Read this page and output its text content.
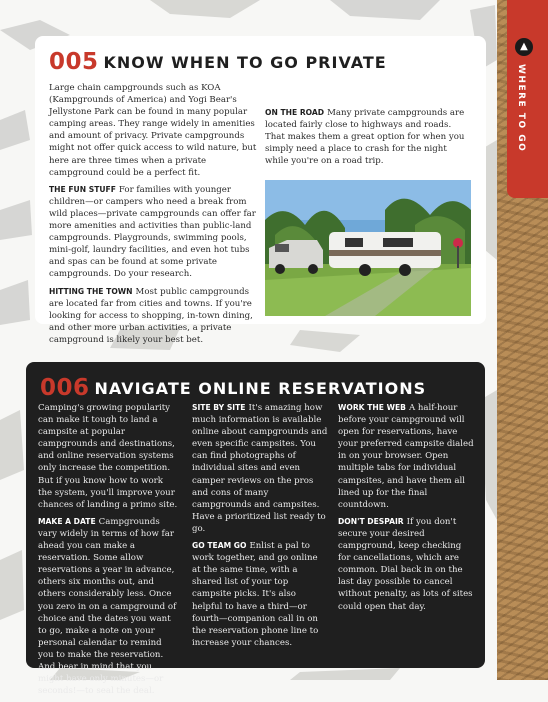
▲
WHERE TO GO
005 KNOW WHEN TO GO PRIVATE

Large chain campgrounds such as KOA (Kampgrounds of America) and Yogi Bear's Jellystone Park can be found in many popular camping areas. They range widely in amenities and amount of privacy. Private campgrounds might not offer quick access to wild nature, but here are three times when a private campground could be a perfect fit.

THE FUN STUFF For families with younger children—or campers who need a break from wild places—private campgrounds can offer far more amenities and activities than public-land campgrounds. Playgrounds, swimming pools, mini-golf, laundry facilities, and even hot tubs and spas can be found at some private campgrounds. Do your research.

HITTING THE TOWN Most public campgrounds are located far from cities and towns. If you're looking for access to shopping, in-town dining, and other more urban activities, a private campground is likely your best bet.

ON THE ROAD Many private campgrounds are located fairly close to highways and roads. That makes them a great option for when you simply need a place to crash for the night while you're on a road trip.

006 NAVIGATE ONLINE RESERVATIONS

Camping's growing popularity can make it tough to land a campsite at popular campgrounds and destinations, and online reservation systems only increase the competition. But if you know how to work the system, you'll improve your chances of landing a primo site.

MAKE A DATE Campgrounds vary widely in terms of how far ahead you can make a reservation. Some allow reservations a year in advance, others six months out, and others considerably less. Once you zero in on a campground of choice and the dates you want to go, make a note on your personal calendar to remind you to make the reservation. And bear in mind that you might have only minutes—or seconds!—to seal the deal.

SITE BY SITE It's amazing how much information is available online about campgrounds and even specific campsites. You can find photographs of individual sites and even camper reviews on the pros and cons of many campgrounds and campsites. Have a prioritized list ready to go.

GO TEAM GO Enlist a pal to work together, and go online at the same time, with a shared list of your top campsite picks. It's also helpful to have a third—or fourth—companion call in on the reservation phone line to increase your chances.

WORK THE WEB A half-hour before your campground will open for reservations, have your preferred campsite dialed in on your browser. Open multiple tabs for individual campsites, and have them all lined up for the final countdown.

DON'T DESPAIR If you don't secure your desired campground, keep checking for cancellations, which are common. Dial back in on the last day possible to cancel without penalty, as lots of sites could open that day.
